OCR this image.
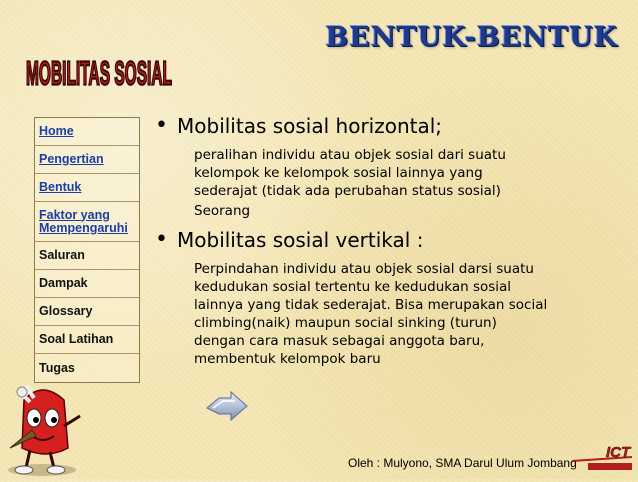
MOBILITAS SOSIAL
BENTUK-BENTUK
Home
Pengertian
Bentuk
Faktor yang Mempengaruhi
Saluran
Dampak
Glossary
Soal Latihan
Tugas
• Mobilitas sosial horizontal;
peralihan individu atau objek sosial dari suatu
kelompok ke kelompok sosial lainnya yang
sederajat (tidak ada perubahan status sosial)
Seorang
• Mobilitas sosial vertikal :
Perpindahan individu atau objek sosial darsi suatu
kedudukan sosial tertentu ke kedudukan sosial
lainnya yang tidak sederajat. Bisa merupakan social
climbing(naik) maupun social sinking (turun)
dengan cara masuk sebagai anggota baru,
membentuk kelompok baru
Oleh : Mulyono, SMA Darul Ulum Jombang
ICT
